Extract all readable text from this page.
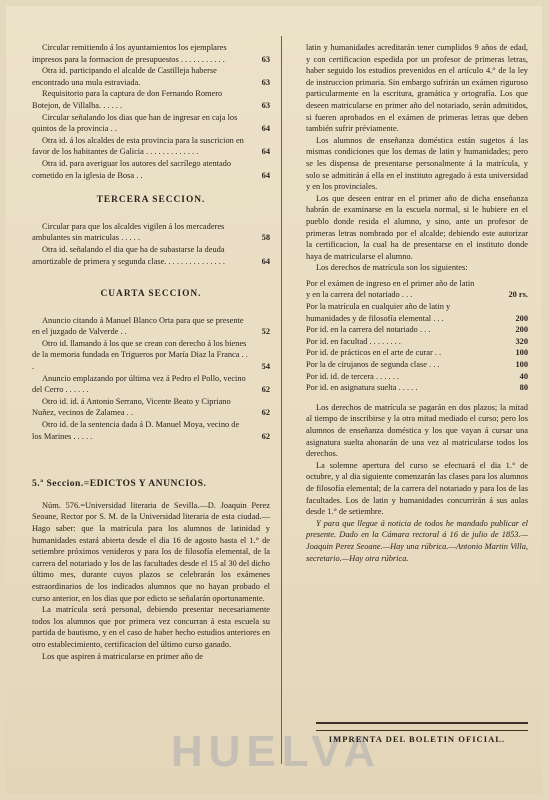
Circular remitiendo á los ayuntamientos los ejemplares impresos para la formacion de presupuestos . . . . . . . . . . .	63
Otra id. participando el alcalde de Castilleja haberse encontrado una mula estraviada.	63
Requisitorio para la captura de don Fernando Romero Botejon, de Villalba. . . . . .	63
Circular señalando los dias que han de ingresar en caja los quintos de la provincia . .	64
Otra id. á los alcaldes de esta provincia para la suscricion en favor de los habitantes de Galicia . . . . . . . . . . . . .	64
Otra id. para averiguar los autores del sacrílego atentado cometido en la iglesia de Bosa . .	64
TERCERA SECCION.
Circular para que los alcaldes vigilen á los mercaderes ambulantes sin matriculas . . . . .	58
Otra id. señalando el dia que ha de subastarse la deuda amortizable de primera y segunda clase. . . . . . . . . . . . . . .	64
CUARTA SECCION.
Anuncio citando á Manuel Blanco Orta para que se presente en el juzgado de Valverde . .	52
Otro id. llamando á los que se crean con derecho á los bienes de la memoria fundada en Trigueros por María Diaz la Franca . . .	54
Anuncio emplazando por última vez á Pedro el Pollo, vecino del Cerro . . . . . .	62
Otro id. id. á Antonio Serrano, Vicente Beato y Cipriano Nuñez, vecinos de Zalamea . .	62
Otro id. de la sentencia dada á D. Manuel Moya, vecino de los Marines . . . . .	62
5.ª Seccion.=EDICTOS Y ANUNCIOS.

Núm. 576.=Universidad literaria de Sevilla.—D. Joaquin Perez Seoane, Rector por S. M. de la Universidad literaria de esta ciudad.—Hago saber: que la matrícula para los alumnos de latinidad y humanidades estará abierta desde el dia 16 de agosto hasta el 1.° de setiembre próximos venideros y para los de filosofía elemental, de la carrera del notariado y los de las facultades desde el 15 al 30 del dicho último mes, durante cuyos plazos se celebrarán los exámenes estraordinarios de los indicados alumnos que no hayan probado el curso anterior, en los dias que por edicto se señalarán oportunamente.

La matrícula será personal, debiendo presentar necesariamente todos los alumnos que por primera vez concurran á esta escuela su partida de bautismo, y en el caso de haber hecho estudios anteriores en otro establecimiento, certificacion del último curso ganado.

Los que aspiren á matricularse en primer año de

latin y humanidades acreditarán tener cumplidos 9 años de edad, y con certificacion espedida por un profesor de primeras letras, haber seguido los estudios prevenidos en el artículo 4.° de la ley de instruccion primaria. Sin embargo sufrirán un exámen riguroso particularmente en la escritura, gramática y ortografía. Los que deseen matricularse en primer año del notariado, serán admitidos, si fueren aprobados en el exámen de primeras letras que deben también sufrir préviamente.

Los alumnos de enseñanza doméstica están sugetos á las mismas condiciones que los demas de latin y humanidades; pero se les dispensa de presentarse personalmente á la matrícula, y solo se admitirán á ella en el instituto agregado á esta universidad y en los provinciales.

Los que deseen entrar en el primer año de dicha enseñanza habrán de examinarse en la escuela normal, si le hubiere en el pueblo donde resida el alumno, y sino, ante un profesor de primeras letras nombrado por el alcalde; debiendo este autorizar la certificacion, la cual ha de presentarse en el instituto donde haya de matricularse el alumno.

Los derechos de matrícula son los siguientes:

Por el exámen de ingreso en el primer año de latin y en la carrera del notariado . . .	20 rs.
Por la matrícula en cualquier año de latin y humanidades y de filosofía elemental . . .	200
Por id. en la carrera del notariado . . .	200
Por id. en facultad . . . . . . . .	320
Por id. de prácticos en el arte de curar . .	100
Por la de cirujanos de segunda clase . . .	100
Por id. id. de tercera . . . . . .	40
Por id. en asignatura suelta . . . . .	80

Los derechos de matrícula se pagarán en dos plazos; la mitad al tiempo de inscribirse y la otra mitad mediado el curso; pero los alumnos de enseñanza doméstica y los que vayan á cursar una asignatura suelta abonarán de una vez al matricularse todos los derechos.

La solemne apertura del curso se efectuará el dia 1.° de octubre, y al dia siguiente comenzarán las clases para los alumnos de filosofía elemental; de la carrera del notariado y para los de las facultades. Los de latin y humanidades concurrirán á sus aulas desde 1.° de setiembre.

Y para que llegue á noticia de todos he mandado publicar el presente. Dado en la Cámara rectoral á 16 de julio de 1853.—Joaquin Perez Seoane.—Hay una rúbrica.—Antonio Martin Villa, secretario.—Hay otra rúbrica.

HUELVA
IMPRENTA DEL BOLETIN OFICIAL.
